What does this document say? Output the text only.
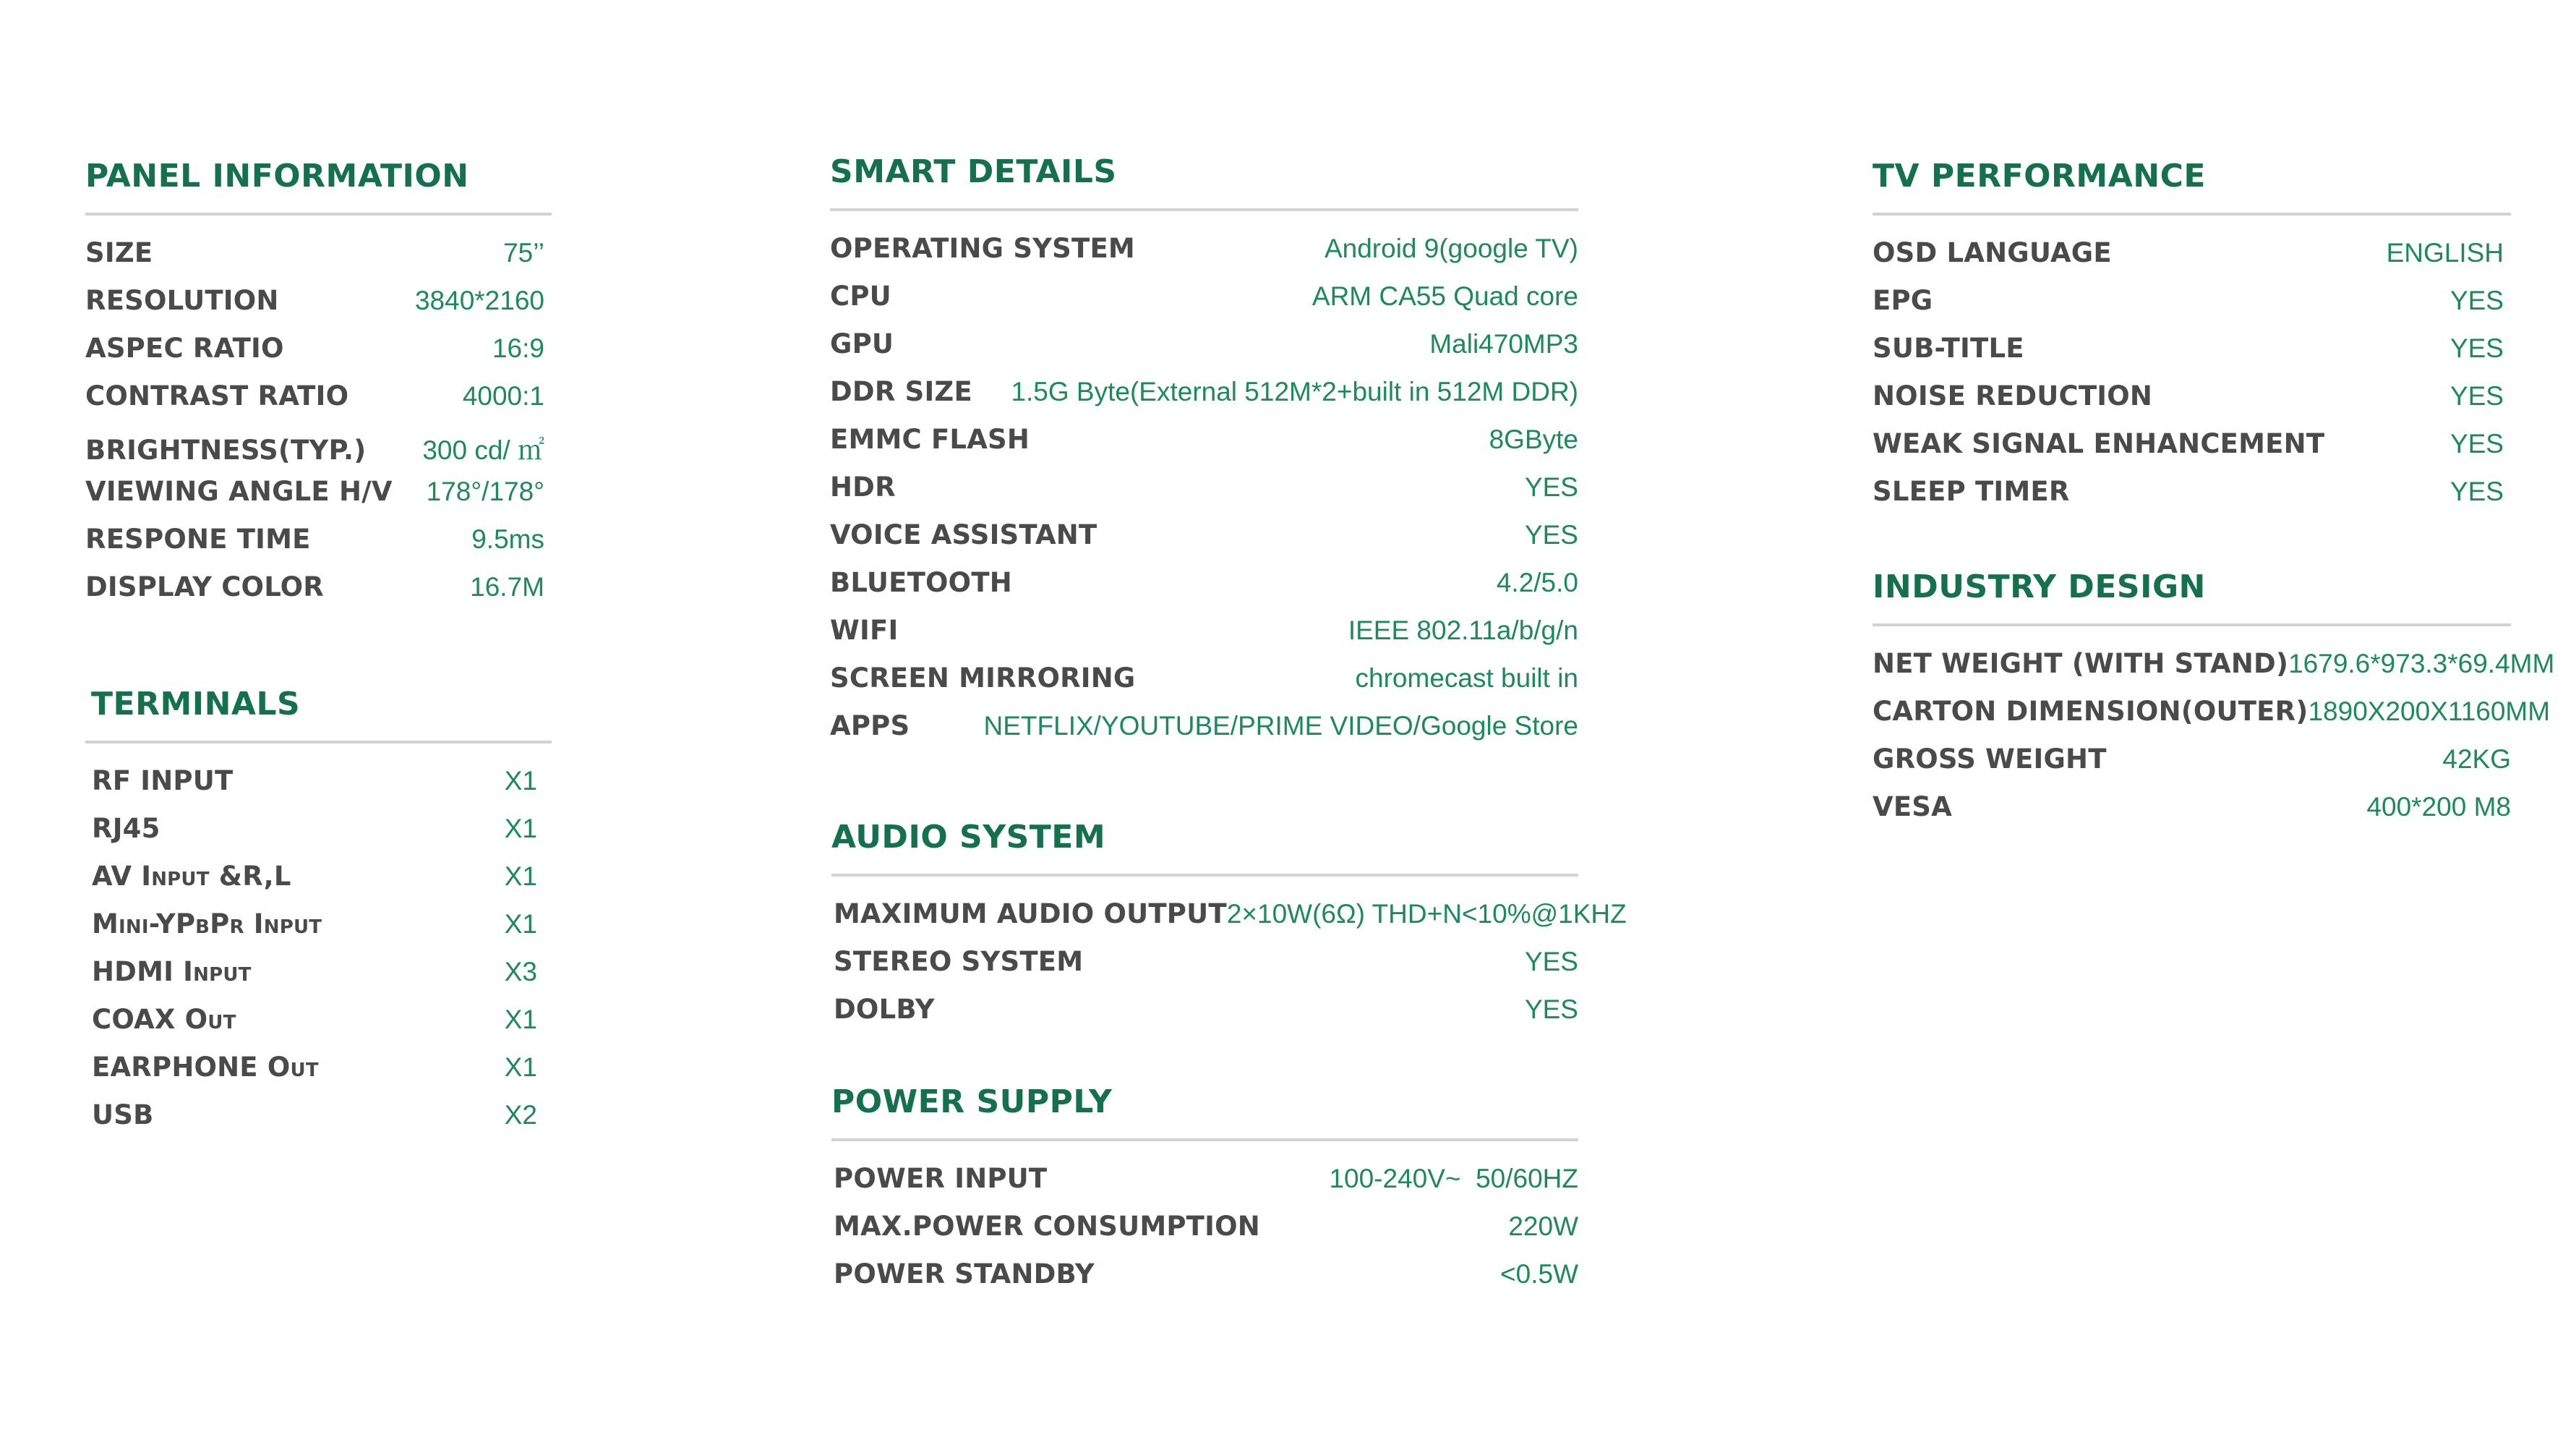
PANEL INFORMATION
SIZE	75’’
RESOLUTION	3840*2160
ASPEC RATIO	16:9
CONTRAST RATIO	4000:1
BRIGHTNESS(TYP.) 300 cd/ ㎡
VIEWING ANGLE H/V 178°/178°
RESPONE TIME	9.5ms
DISPLAY COLOR	16.7M
TERMINALS
RF INPUT	X1
RJ45	X1
AV Input &R,L	X1
Mini-YPbPr Input	X1
HDMI Input	X3
COAX Out	X1
EARPHONE Out	X1
USB	X2
SMART DETAILS
OPERATING SYSTEM	Android 9(google TV)
CPU	ARM CA55 Quad core
GPU	Mali470MP3
DDR SIZE 1.5G Byte(External 512M*2+built in 512M DDR)
EMMC FLASH	8GByte
HDR	YES
VOICE ASSISTANT	YES
BLUETOOTH	4.2/5.0
WIFI	IEEE 802.11a/b/g/n
SCREEN MIRRORING	chromecast built in
APPS	NETFLIX/YOUTUBE/PRIME VIDEO/Google Store
AUDIO SYSTEM
MAXIMUM AUDIO OUTPUT 2×10W(6Ω) THD+N<10%@1KHZ
STEREO SYSTEM	YES
DOLBY	YES
POWER SUPPLY
POWER INPUT	100-240V~  50/60HZ
MAX.POWER CONSUMPTION	220W
POWER STANDBY	<0.5W
TV PERFORMANCE
OSD LANGUAGE	ENGLISH
EPG	YES
SUB-TITLE	YES
NOISE REDUCTION	YES
WEAK SIGNAL ENHANCEMENT	YES
SLEEP TIMER	YES
INDUSTRY DESIGN
NET WEIGHT (WITH STAND) 1679.6*973.3*69.4MM
CARTON DIMENSION(OUTER) 1890X200X1160MM
GROSS WEIGHT	42KG
VESA	400*200 M8
